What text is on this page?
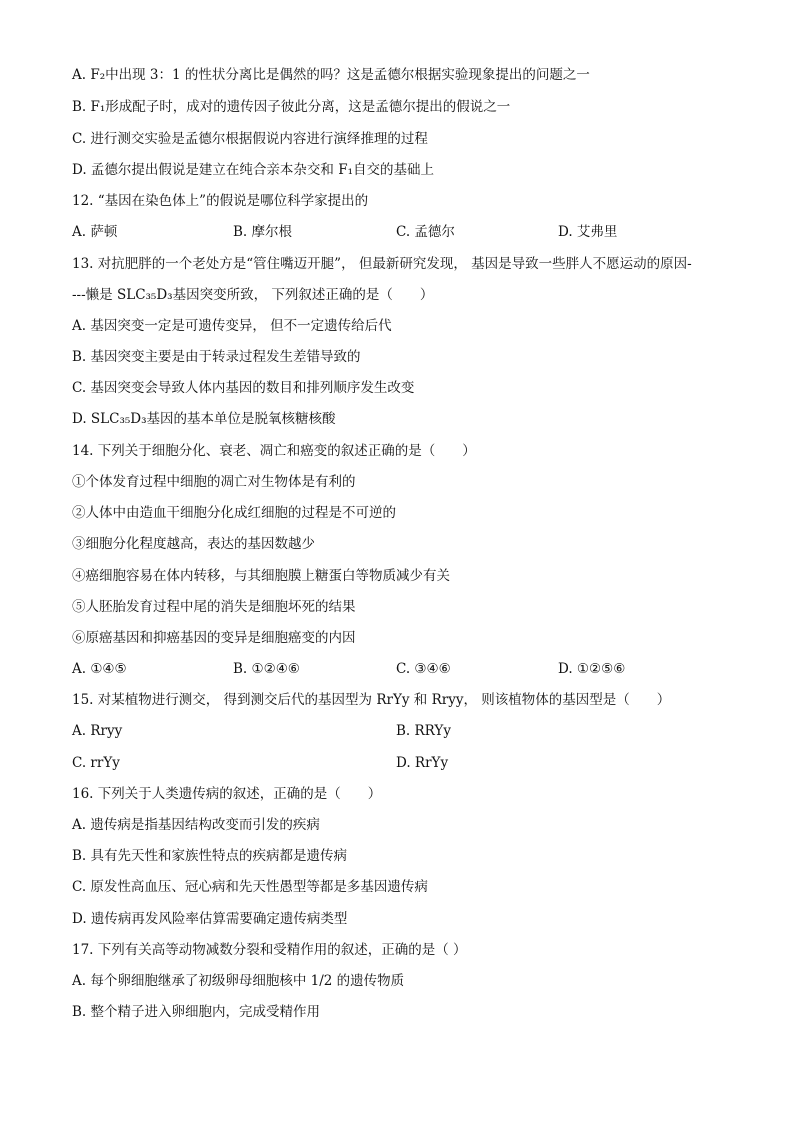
A. F₂中出现 3：1 的性状分离比是偶然的吗？这是孟德尔根据实验现象提出的问题之一
B. F₁形成配子时，成对的遗传因子彼此分离，这是孟德尔提出的假说之一
C. 进行测交实验是孟德尔根据假说内容进行演绎推理的过程
D. 孟德尔提出假说是建立在纯合亲本杂交和 F₁自交的基础上
12. “基因在染色体上”的假说是哪位科学家提出的
A. 萨顿	B. 摩尔根	C. 孟德尔	D. 艾弗里
13. 对抗肥胖的一个老处方是“管住嘴迈开腿”， 但最新研究发现， 基因是导致一些胖人不愿运动的原因-
---懒是 SLC₃₅D₃基因突变所致， 下列叙述正确的是（　　）
A. 基因突变一定是可遗传变异， 但不一定遗传给后代
B. 基因突变主要是由于转录过程发生差错导致的
C. 基因突变会导致人体内基因的数目和排列顺序发生改变
D. SLC₃₅D₃基因的基本单位是脱氧核糖核酸
14. 下列关于细胞分化、衰老、凋亡和癌变的叙述正确的是（　　）
①个体发育过程中细胞的凋亡对生物体是有利的
②人体中由造血干细胞分化成红细胞的过程是不可逆的
③细胞分化程度越高，表达的基因数越少
④癌细胞容易在体内转移，与其细胞膜上糖蛋白等物质减少有关
⑤人胚胎发育过程中尾的消失是细胞坏死的结果
⑥原癌基因和抑癌基因的变异是细胞癌变的内因
A. ①④⑤	B. ①②④⑥	C. ③④⑥	D. ①②⑤⑥
15. 对某植物进行测交， 得到测交后代的基因型为 RrYy 和 Rryy， 则该植物体的基因型是（　　）
A. Rryy	B. RRYy
C. rrYy	D. RrYy
16. 下列关于人类遗传病的叙述，正确的是（　　）
A. 遗传病是指基因结构改变而引发的疾病
B. 具有先天性和家族性特点的疾病都是遗传病
C. 原发性高血压、冠心病和先天性愚型等都是多基因遗传病
D. 遗传病再发风险率估算需要确定遗传病类型
17. 下列有关高等动物减数分裂和受精作用的叙述，正确的是（ ）
A. 每个卵细胞继承了初级卵母细胞核中 1/2 的遗传物质
B. 整个精子进入卵细胞内，完成受精作用
